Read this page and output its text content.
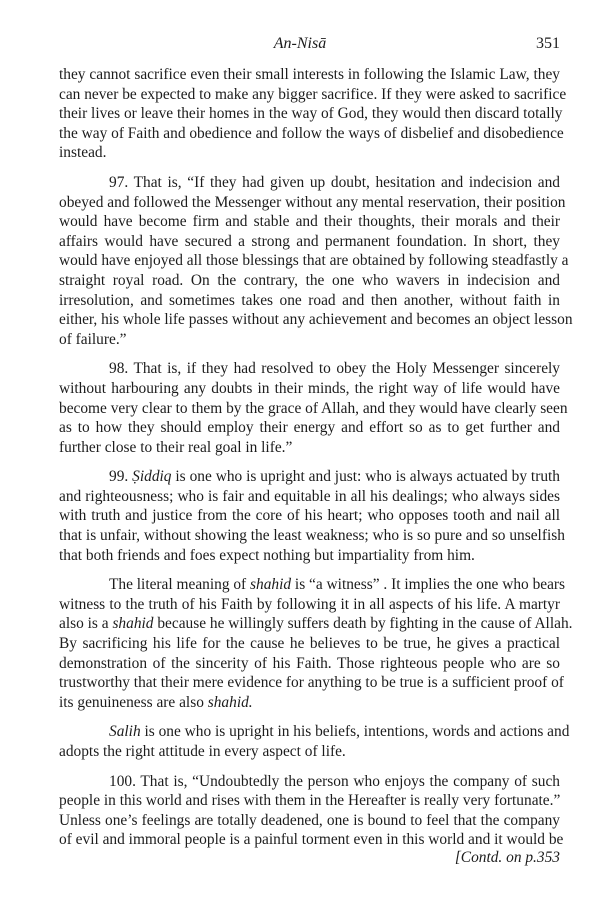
An-Nisā	351
they cannot sacrifice even their small interests in following the Islamic Law, they
can never be expected to make any bigger sacrifice. If they were asked to sacrifice
their lives or leave their homes in the way of God, they would then discard totally
the way of Faith and obedience and follow the ways of disbelief and disobedience
instead.
97. That is, “If they had given up doubt, hesitation and indecision and
obeyed and followed the Messenger without any mental reservation, their position
would have become firm and stable and their thoughts, their morals and their
affairs would have secured a strong and permanent foundation. In short, they
would have enjoyed all those blessings that are obtained by following steadfastly a
straight royal road. On the contrary, the one who wavers in indecision and
irresolution, and sometimes takes one road and then another, without faith in
either, his whole life passes without any achievement and becomes an object lesson
of failure.”
98. That is, if they had resolved to obey the Holy Messenger sincerely
without harbouring any doubts in their minds, the right way of life would have
become very clear to them by the grace of Allah, and they would have clearly seen
as to how they should employ their energy and effort so as to get further and
further close to their real goal in life.”
99. Ṣiddiq is one who is upright and just: who is always actuated by truth
and righteousness; who is fair and equitable in all his dealings; who always sides
with truth and justice from the core of his heart; who opposes tooth and nail all
that is unfair, without showing the least weakness; who is so pure and so unselfish
that both friends and foes expect nothing but impartiality from him.
The literal meaning of shahid is “a witness” . It implies the one who bears
witness to the truth of his Faith by following it in all aspects of his life. A martyr
also is a shahid because he willingly suffers death by fighting in the cause of Allah.
By sacrificing his life for the cause he believes to be true, he gives a practical
demonstration of the sincerity of his Faith. Those righteous people who are so
trustworthy that their mere evidence for anything to be true is a sufficient proof of
its genuineness are also shahid.
Salih is one who is upright in his beliefs, intentions, words and actions and
adopts the right attitude in every aspect of life.
100. That is, “Undoubtedly the person who enjoys the company of such
people in this world and rises with them in the Hereafter is really very fortunate.”
Unless one’s feelings are totally deadened, one is bound to feel that the company
of evil and immoral people is a painful torment even in this world and it would be
[Contd. on p.353
